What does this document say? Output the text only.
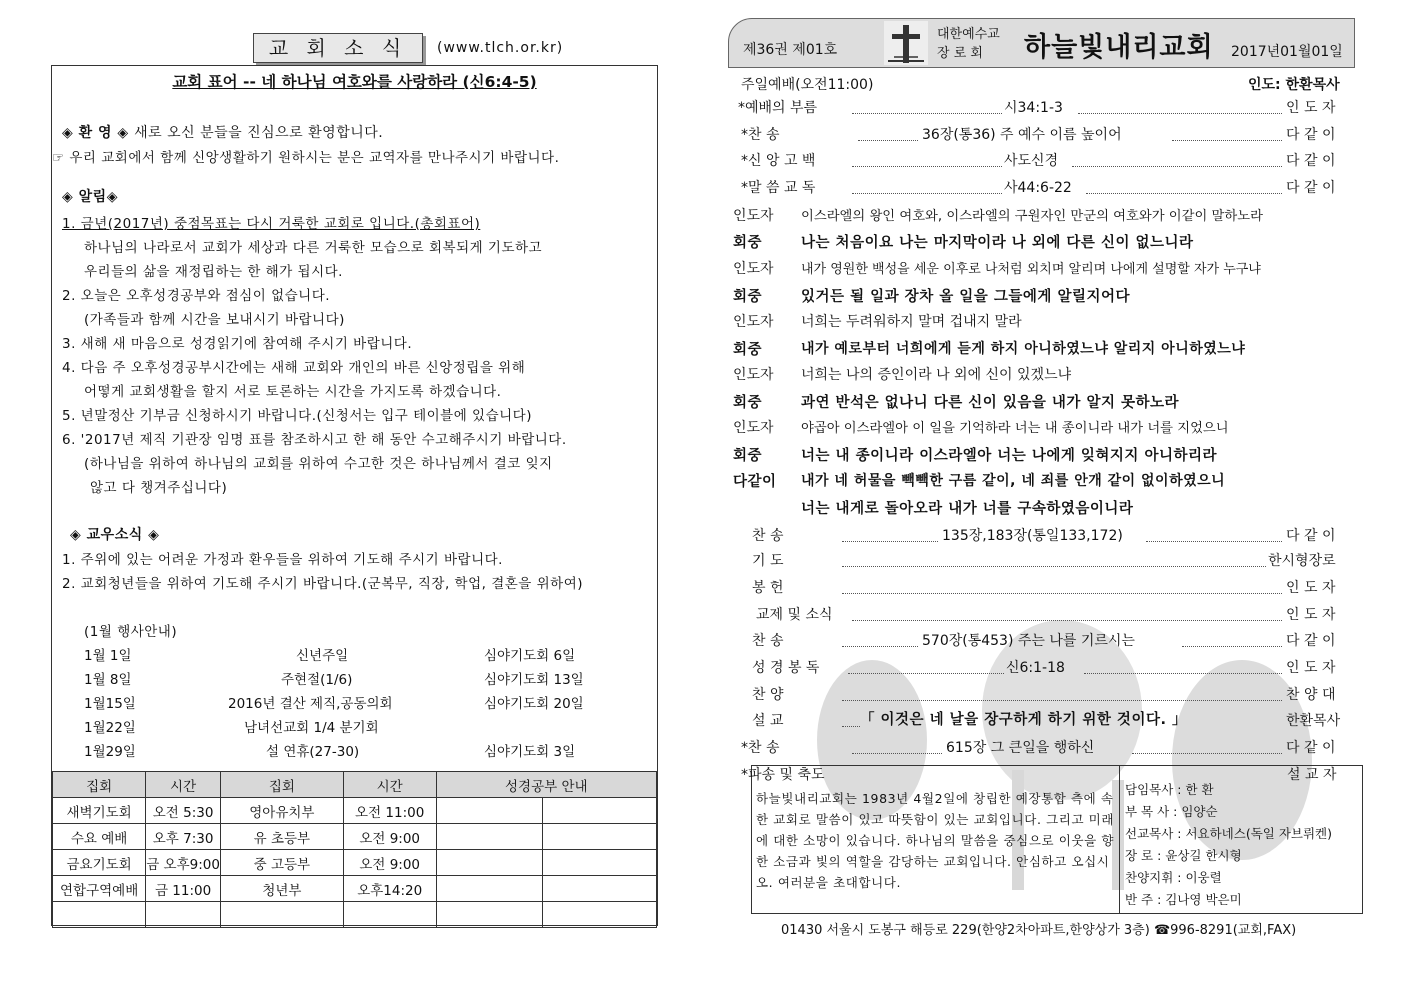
교 회 소 식	(www.tlch.or.kr)
교회 표어 -- 네 하나님 여호와를 사랑하라 (신6:4-5)
◈ 환 영 ◈ 새로 오신 분들을 진심으로 환영합니다.
☞ 우리 교회에서 함께 신앙생활하기 원하시는 분은 교역자를 만나주시기 바랍니다.
◈ 알림◈
1. 금년(2017년) 중점목표는 다시 거룩한 교회로 입니다.(총회표어)
하나님의 나라로서 교회가 세상과 다른 거룩한 모습으로 회복되게 기도하고
우리들의 삶을 재정립하는 한 해가 됩시다.
2. 오늘은 오후성경공부와 점심이 없습니다.
(가족들과 함께 시간을 보내시기 바랍니다)
3. 새해 새 마음으로 성경읽기에 참여해 주시기 바랍니다.
4. 다음 주 오후성경공부시간에는 새해 교회와 개인의 바른 신앙정립을 위해
어떻게 교회생활을 할지 서로 토론하는 시간을 가지도록 하겠습니다.
5. 년말정산 기부금 신청하시기 바랍니다.(신청서는 입구 테이블에 있습니다)
6. '2017년 제직 기관장 임명 표를 참조하시고 한 해 동안 수고해주시기 바랍니다.
(하나님을 위하여 하나님의 교회를 위하여 수고한 것은 하나님께서 결코 잊지
않고 다 챙겨주십니다)
◈ 교우소식 ◈
1. 주위에 있는 어려운 가정과 환우들을 위하여 기도해 주시기 바랍니다.
2. 교회청년들을 위하여 기도해 주시기 바랍니다.(군복무, 직장, 학업, 결혼을 위하여)
(1월 행사안내)
1월 1일	신년주일	심야기도회 6일
1월 8일	주현절(1/6)	심야기도회 13일
1월15일	2016년 결산 제직,공동의회	심야기도회 20일
1월22일	남녀선교회 1/4 분기회
1월29일	설 연휴(27-30)	심야기도회 3일
집회	시간	집회	시간	성경공부 안내	
새벽기도회	오전 5:30	영아유치부	오전 11:00		
수요 예배	오후 7:30	유 초등부	오전 9:00		
금요기도회	금 오후9:00	중 고등부	오전 9:00		
연합구역예배	금 11:00	청년부	오후14:20		

제36권 제01호
대한예수교
장 로 회	하늘빛내리교회 2017년01월01일
주일예배(오전11:00)	인도: 한환목사
*예배의 부름	시34:1-3	인 도 자
*찬 송	36장(통36) 주 예수 이름 높이어	다 같 이
*신 앙 고 백	사도신경	다 같 이
*말 씀 교 독	사44:6-22	다 같 이
인도자 이스라엘의 왕인 여호와, 이스라엘의 구원자인 만군의 여호와가 이같이 말하노라
회중	나는 처음이요 나는 마지막이라 나 외에 다른 신이 없느니라
인도자 내가 영원한 백성을 세운 이후로 나처럼 외치며 알리며 나에게 설명할 자가 누구냐
회중	있거든 될 일과 장차 올 일을 그들에게 알릴지어다
인도자 너희는 두려워하지 말며 겁내지 말라
회중	내가 예로부터 너희에게 듣게 하지 아니하였느냐 알리지 아니하였느냐
인도자 너희는 나의 증인이라 나 외에 신이 있겠느냐
회중	과연 반석은 없나니 다른 신이 있음을 내가 알지 못하노라
인도자 야곱아 이스라엘아 이 일을 기억하라 너는 내 종이니라 내가 너를 지었으니
회중	너는 내 종이니라 이스라엘아 너는 나에게 잊혀지지 아니하리라
다같이 내가 네 허물을 빽빽한 구름 같이, 네 죄를 안개 같이 없이하였으니
너는 내게로 돌아오라 내가 너를 구속하였음이니라
찬 송	135장,183장(통일133,172)	다 같 이
기 도	한시형장로
봉 헌	인 도 자
교제 및 소식	인 도 자
찬 송	570장(통453) 주는 나를 기르시는	다 같 이
성 경 봉 독	신6:1-18	인 도 자
찬 양	찬 양 대
설 교	「 이것은 네 날을 장구하게 하기 위한 것이다. 」	한환목사
*찬 송	615장 그 큰일을 행하신	다 같 이
*파송 및 축도	설 교 자
하늘빛내리교회는 1983년 4월2일에 창립한 예장통합 측에 속한 교회로 말씀이 있고 따뜻함이 있는 교회입니다. 그리고 미래에 대한 소망이 있습니다. 하나님의 말씀을 중심으로 이웃을 향한 소금과 빛의 역할을 감당하는 교회입니다. 안심하고 오십시오. 여러분을 초대합니다.
담임목사 : 한 환
부 목 사 : 임양순
선교목사 : 서요하네스(독일 자브뤼켄)
장 로 : 윤상길 한시형
찬양지휘 : 이웅렬
반 주 : 김나영 박은미
01430 서울시 도봉구 해등로 229(한양2차아파트,한양상가 3층) ☎996-8291(교회,FAX)
